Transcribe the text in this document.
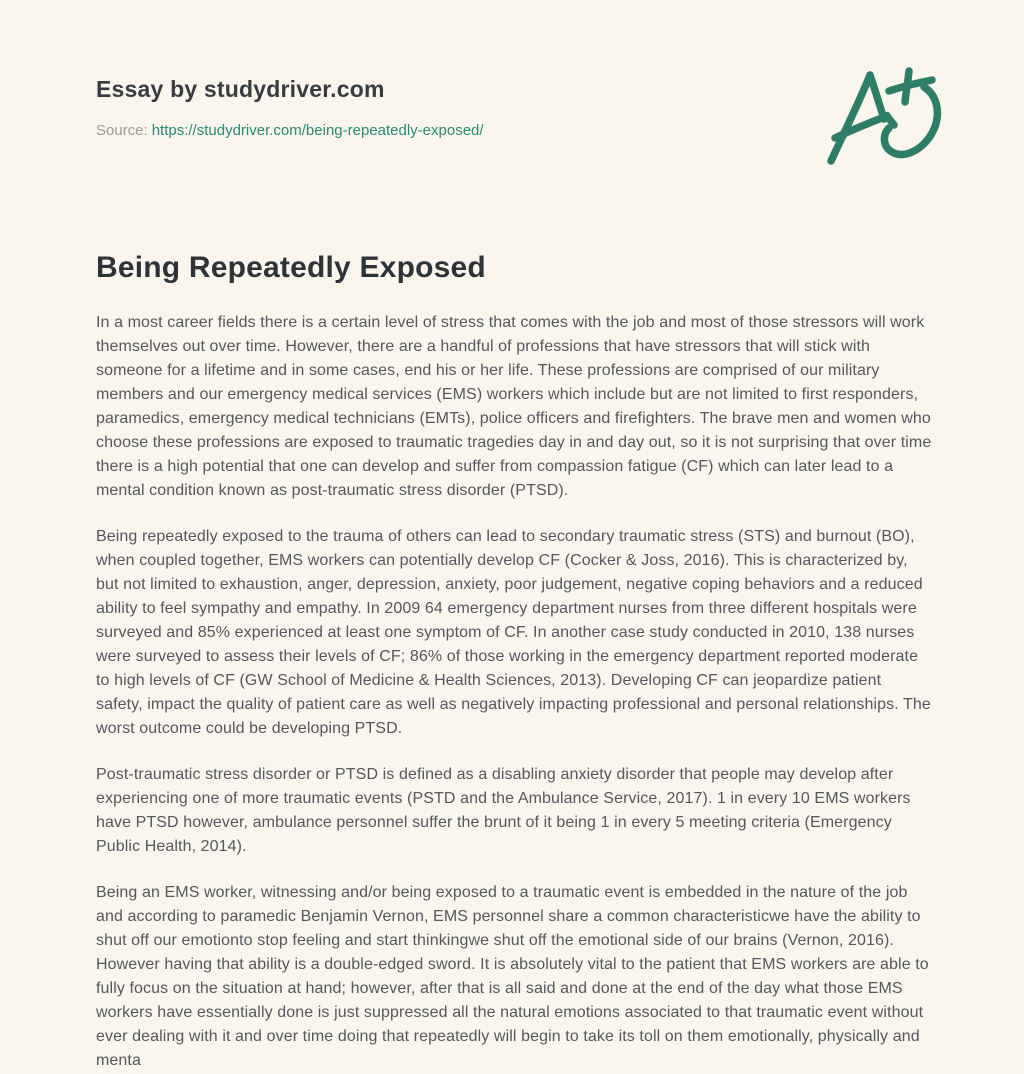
Essay by studydriver.com
Source: https://studydriver.com/being-repeatedly-exposed/
Being Repeatedly Exposed

In a most career fields there is a certain level of stress that comes with the job and most of those stressors will work themselves out over time. However, there are a handful of professions that have stressors that will stick with someone for a lifetime and in some cases, end his or her life. These professions are comprised of our military members and our emergency medical services (EMS) workers which include but are not limited to first responders, paramedics, emergency medical technicians (EMTs), police officers and firefighters. The brave men and women who choose these professions are exposed to traumatic tragedies day in and day out, so it is not surprising that over time there is a high potential that one can develop and suffer from compassion fatigue (CF) which can later lead to a mental condition known as post-traumatic stress disorder (PTSD).

Being repeatedly exposed to the trauma of others can lead to secondary traumatic stress (STS) and burnout (BO), when coupled together, EMS workers can potentially develop CF (Cocker & Joss, 2016). This is characterized by, but not limited to exhaustion, anger, depression, anxiety, poor judgement, negative coping behaviors and a reduced ability to feel sympathy and empathy. In 2009 64 emergency department nurses from three different hospitals were surveyed and 85% experienced at least one symptom of CF. In another case study conducted in 2010, 138 nurses were surveyed to assess their levels of CF; 86% of those working in the emergency department reported moderate to high levels of CF (GW School of Medicine & Health Sciences, 2013). Developing CF can jeopardize patient safety, impact the quality of patient care as well as negatively impacting professional and personal relationships. The worst outcome could be developing PTSD.

Post-traumatic stress disorder or PTSD is defined as a disabling anxiety disorder that people may develop after experiencing one of more traumatic events (PSTD and the Ambulance Service, 2017). 1 in every 10 EMS workers have PTSD however, ambulance personnel suffer the brunt of it being 1 in every 5 meeting criteria (Emergency Public Health, 2014).

Being an EMS worker, witnessing and/or being exposed to a traumatic event is embedded in the nature of the job and according to paramedic Benjamin Vernon, EMS personnel share a common characteristicwe have the ability to shut off our emotionto stop feeling and start thinkingwe shut off the emotional side of our brains (Vernon, 2016). However having that ability is a double-edged sword. It is absolutely vital to the patient that EMS workers are able to fully focus on the situation at hand; however, after that is all said and done at the end of the day what those EMS workers have essentially done is just suppressed all the natural emotions associated to that traumatic event without ever dealing with it and over time doing that repeatedly will begin to take its toll on them emotionally, physically and menta
